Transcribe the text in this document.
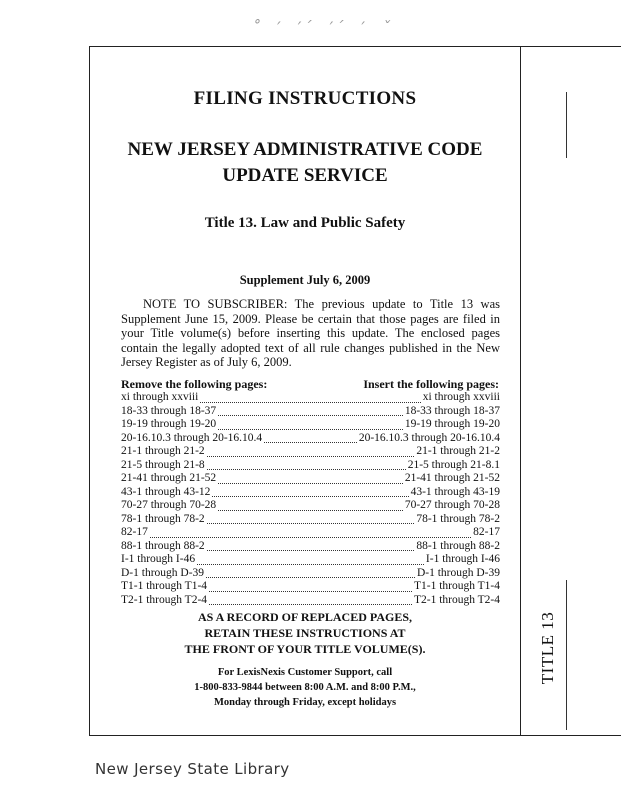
˚ ′ ′ ́ ′ ́ ′ ˇ
FILING INSTRUCTIONS
NEW JERSEY ADMINISTRATIVE CODE
UPDATE SERVICE
Title 13. Law and Public Safety
Supplement July 6, 2009
NOTE TO SUBSCRIBER: The previous update to Title 13 was Supplement June 15, 2009. Please be certain that those pages are filed in your Title volume(s) before inserting this update. The enclosed pages contain the legally adopted text of all rule changes published in the New Jersey Register as of July 6, 2009.
Remove the following pages:	Insert the following pages:
xi through xxviii	xi through xxviii
18-33 through 18-37	18-33 through 18-37
19-19 through 19-20	19-19 through 19-20
20-16.10.3 through 20-16.10.4	20-16.10.3 through 20-16.10.4
21-1 through 21-2	21-1 through 21-2
21-5 through 21-8	21-5 through 21-8.1
21-41 through 21-52	21-41 through 21-52
43-1 through 43-12	43-1 through 43-19
70-27 through 70-28	70-27 through 70-28
78-1 through 78-2	78-1 through 78-2
82-17	82-17
88-1 through 88-2	88-1 through 88-2
I-1 through I-46	I-1 through I-46
D-1 through D-39	D-1 through D-39
T1-1 through T1-4	T1-1 through T1-4
T2-1 through T2-4	T2-1 through T2-4
AS A RECORD OF REPLACED PAGES,
RETAIN THESE INSTRUCTIONS AT
THE FRONT OF YOUR TITLE VOLUME(S).
For LexisNexis Customer Support, call
1-800-833-9844 between 8:00 A.M. and 8:00 P.M.,
Monday through Friday, except holidays
TITLE 13
New Jersey State Library
